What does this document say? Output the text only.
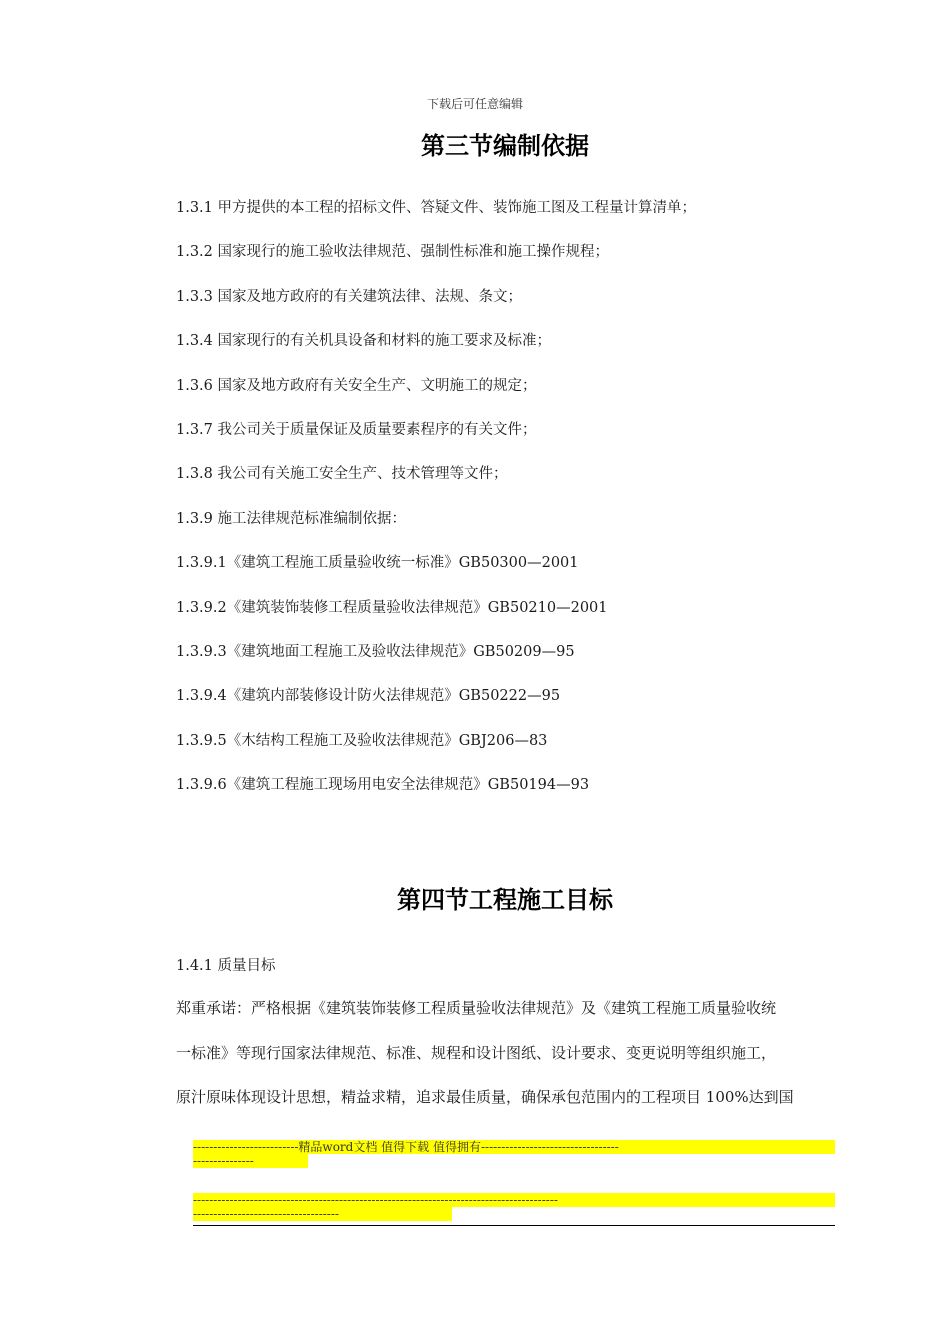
下载后可任意编辑
第三节编制依据
1.3.1 甲方提供的本工程的招标文件、答疑文件、装饰施工图及工程量计算清单；
1.3.2 国家现行的施工验收法律规范、强制性标准和施工操作规程；
1.3.3 国家及地方政府的有关建筑法律、法规、条文；
1.3.4 国家现行的有关机具设备和材料的施工要求及标准；
1.3.6 国家及地方政府有关安全生产、文明施工的规定；
1.3.7 我公司关于质量保证及质量要素程序的有关文件；
1.3.8 我公司有关施工安全生产、技术管理等文件；
1.3.9 施工法律规范标准编制依据：
1.3.9.1《建筑工程施工质量验收统一标准》GB50300—2001
1.3.9.2《建筑装饰装修工程质量验收法律规范》GB50210—2001
1.3.9.3《建筑地面工程施工及验收法律规范》GB50209—95
1.3.9.4《建筑内部装修设计防火法律规范》GB50222—95
1.3.9.5《木结构工程施工及验收法律规范》GBJ206—83
1.3.9.6《建筑工程施工现场用电安全法律规范》GB50194—93
第四节工程施工目标
1.4.1 质量目标
郑重承诺：严格根据《建筑装饰装修工程质量验收法律规范》及《建筑工程施工质量验收统
一标准》等现行国家法律规范、标准、规程和设计图纸、设计要求、变更说明等组织施工，
原汁原味体现设计思想，精益求精，追求最佳质量，确保承包范围内的工程项目 100%达到国
--------------------------精品word文档 值得下载 值得拥有----------------------------------
---------------
------------------------------------------------------------------------------------------
------------------------------------
